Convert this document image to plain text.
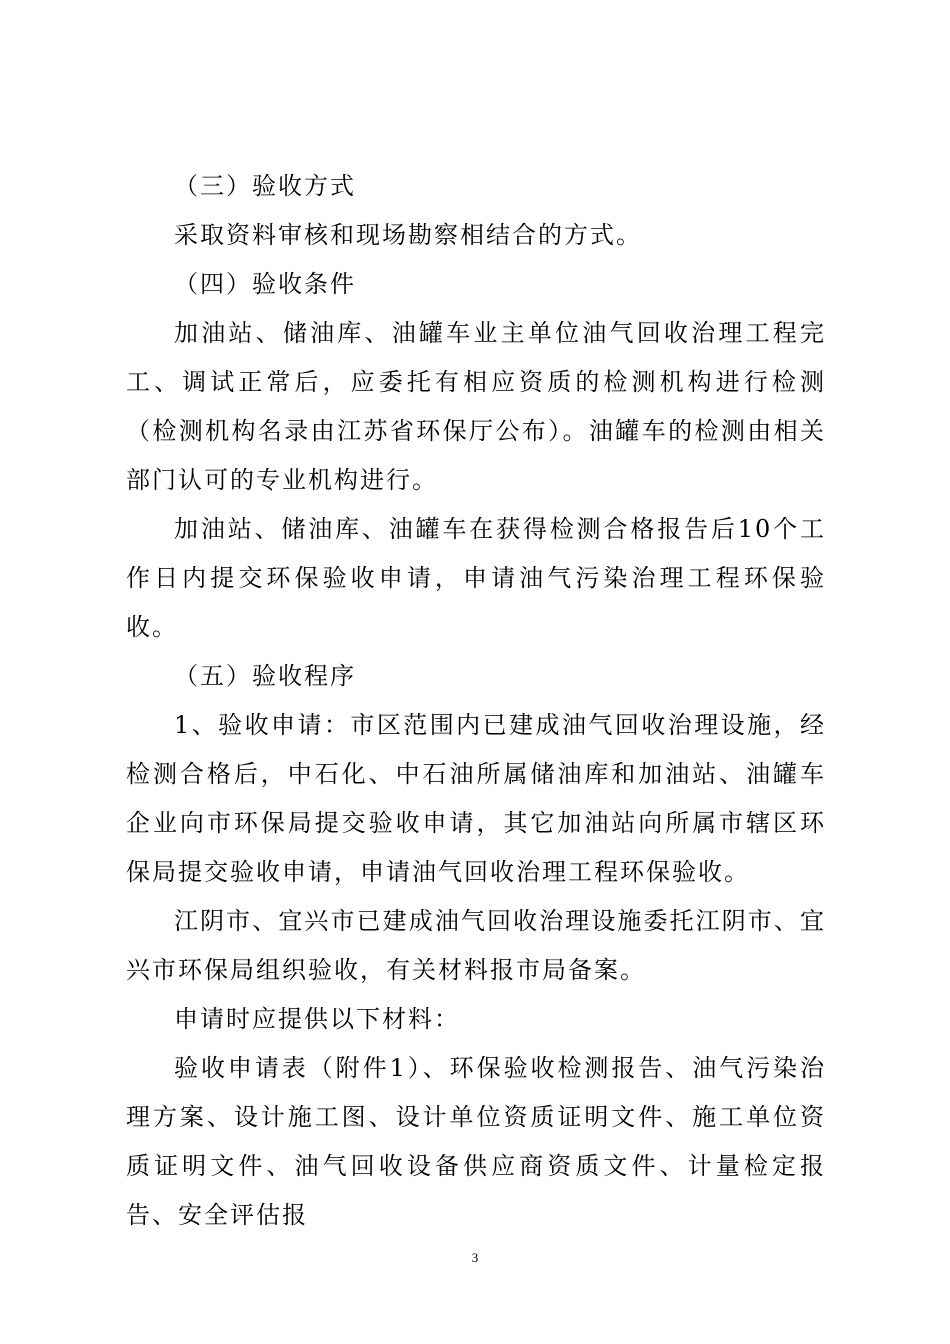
（三）验收方式

采取资料审核和现场勘察相结合的方式。

（四）验收条件

加油站、储油库、油罐车业主单位油气回收治理工程完工、调试正常后，应委托有相应资质的检测机构进行检测（检测机构名录由江苏省环保厅公布）。油罐车的检测由相关部门认可的专业机构进行。

加油站、储油库、油罐车在获得检测合格报告后10个工作日内提交环保验收申请，申请油气污染治理工程环保验收。

（五）验收程序

1、验收申请：市区范围内已建成油气回收治理设施，经检测合格后，中石化、中石油所属储油库和加油站、油罐车企业向市环保局提交验收申请，其它加油站向所属市辖区环保局提交验收申请，申请油气回收治理工程环保验收。

江阴市、宜兴市已建成油气回收治理设施委托江阴市、宜兴市环保局组织验收，有关材料报市局备案。

申请时应提供以下材料：

验收申请表（附件1）、环保验收检测报告、油气污染治理方案、设计施工图、设计单位资质证明文件、施工单位资质证明文件、油气回收设备供应商资质文件、计量检定报告、安全评估报

3
